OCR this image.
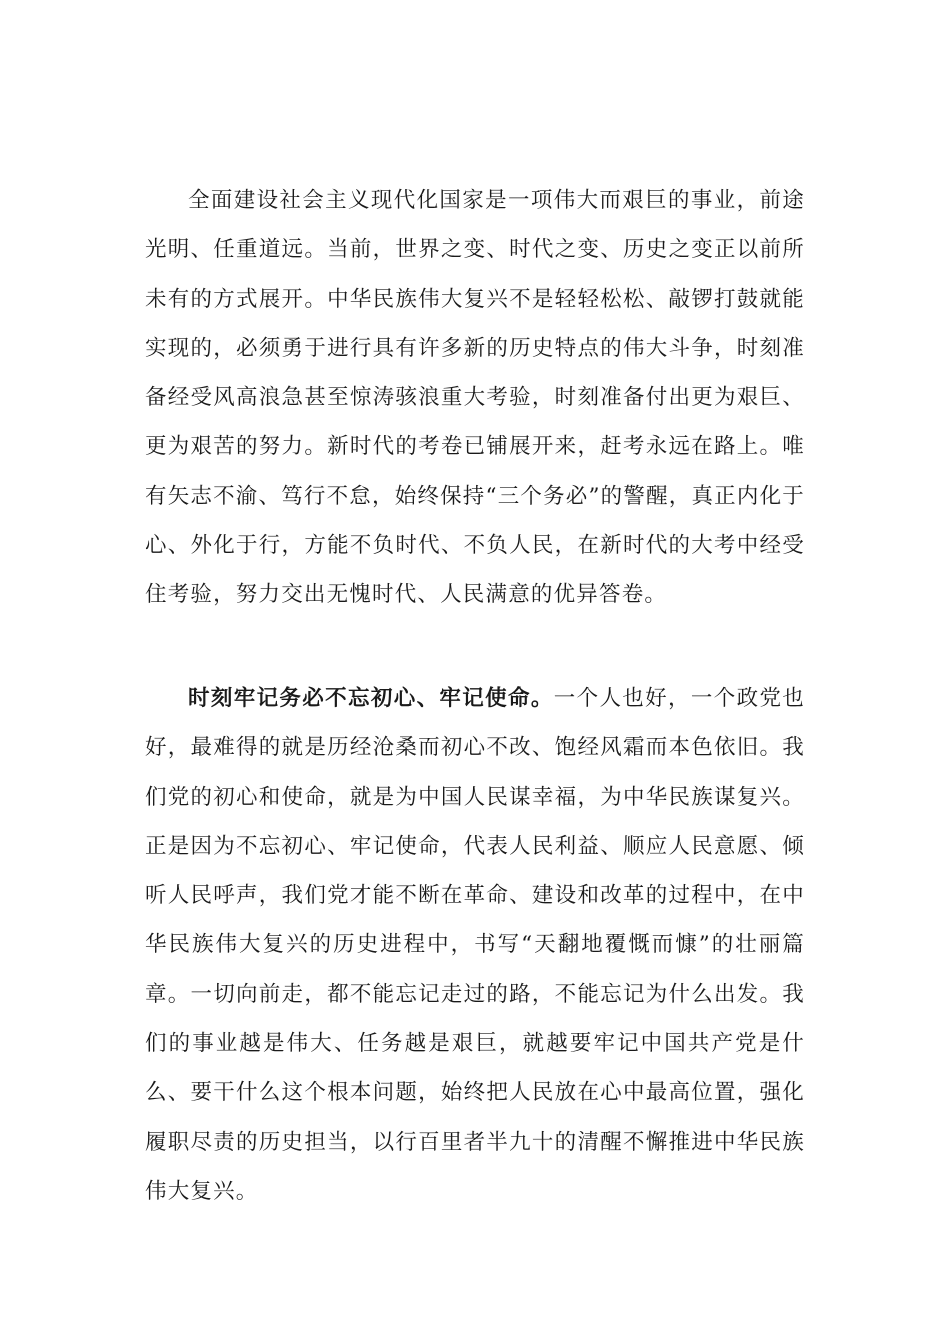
全面建设社会主义现代化国家是一项伟大而艰巨的事业，前途光明、任重道远。当前，世界之变、时代之变、历史之变正以前所未有的方式展开。中华民族伟大复兴不是轻轻松松、敲锣打鼓就能实现的，必须勇于进行具有许多新的历史特点的伟大斗争，时刻准备经受风高浪急甚至惊涛骇浪重大考验，时刻准备付出更为艰巨、更为艰苦的努力。新时代的考卷已铺展开来，赶考永远在路上。唯有矢志不渝、笃行不怠，始终保持“三个务必”的警醒，真正内化于心、外化于行，方能不负时代、不负人民，在新时代的大考中经受住考验，努力交出无愧时代、人民满意的优异答卷。

时刻牢记务必不忘初心、牢记使命。一个人也好，一个政党也好，最难得的就是历经沧桑而初心不改、饱经风霜而本色依旧。我们党的初心和使命，就是为中国人民谋幸福，为中华民族谋复兴。正是因为不忘初心、牢记使命，代表人民利益、顺应人民意愿、倾听人民呼声，我们党才能不断在革命、建设和改革的过程中，在中华民族伟大复兴的历史进程中，书写“天翻地覆慨而慷”的壮丽篇章。一切向前走，都不能忘记走过的路，不能忘记为什么出发。我们的事业越是伟大、任务越是艰巨，就越要牢记中国共产党是什么、要干什么这个根本问题，始终把人民放在心中最高位置，强化履职尽责的历史担当，以行百里者半九十的清醒不懈推进中华民族伟大复兴。
